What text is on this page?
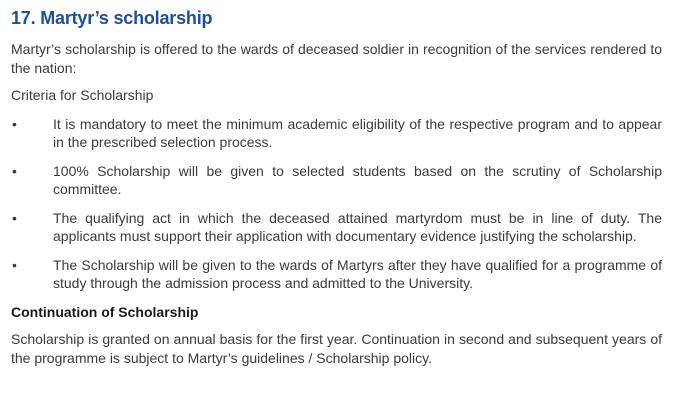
17. Martyr’s scholarship

Martyr’s scholarship is offered to the wards of deceased soldier in recognition of the services rendered to the nation:

Criteria for Scholarship

•	It is mandatory to meet the minimum academic eligibility of the respective program and to appear in the prescribed selection process.
•	100% Scholarship will be given to selected students based on the scrutiny of Scholarship committee.
•	The qualifying act in which the deceased attained martyrdom must be in line of duty. The applicants must support their application with documentary evidence justifying the scholarship.
•	The Scholarship will be given to the wards of Martyrs after they have qualified for a programme of study through the admission process and admitted to the University.

Continuation of Scholarship

Scholarship is granted on annual basis for the first year. Continuation in second and subsequent years of the programme is subject to Martyr’s guidelines / Scholarship policy.
